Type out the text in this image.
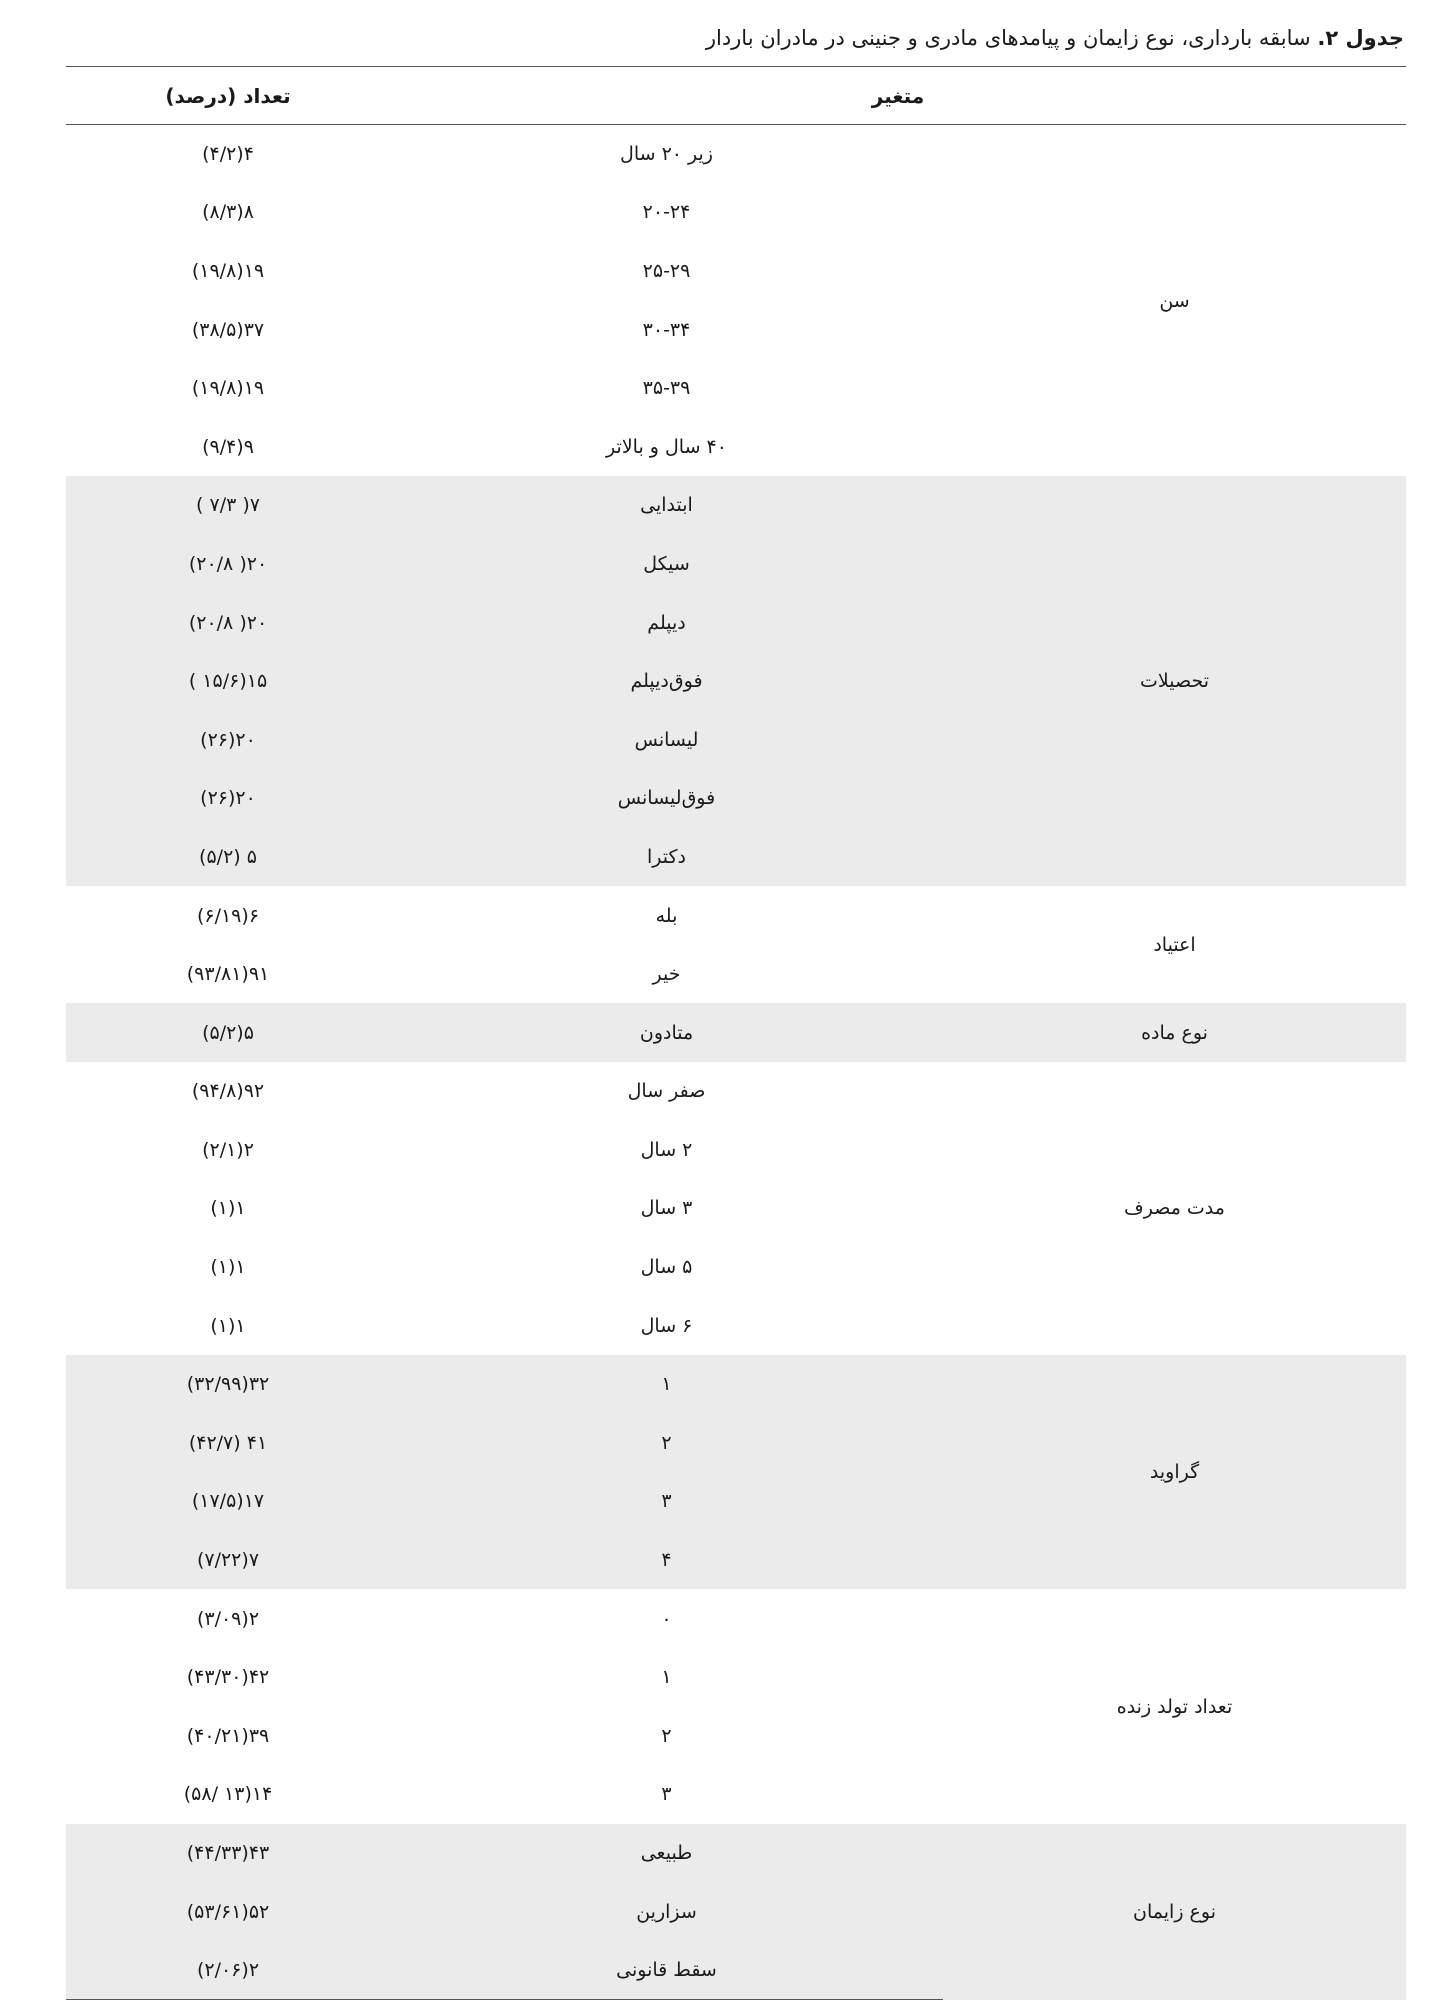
جدول ۲. سابقه بارداری، نوع زایمان و پیامدهای مادری و جنینی در مادران باردار
متغیر		تعداد (درصد)
سن	زیر ۲۰ سال	۴(۴/۲)
	۲۰-۲۴	۸(۸/۳)
	۲۵-۲۹	۱۹(۱۹/۸)
	۳۰-۳۴	۳۷(۳۸/۵)
	۳۵-۳۹	۱۹(۱۹/۸)
	۴۰ سال و بالاتر	۹(۹/۴)
تحصیلات	ابتدایی	۷( ۷/۳ )
	سیکل	۲۰( ۲۰/۸)
	دیپلم	۲۰( ۲۰/۸)
	فوق‌دیپلم	۱۵(۱۵/۶ )
	لیسانس	۲۰(۲۶)
	فوق‌لیسانس	۲۰(۲۶)
	دکترا	۵ (۵/۲)
اعتیاد	بله	۶(۶/۱۹)
	خیر	۹۱(۹۳/۸۱)
نوع ماده	متادون	۵(۵/۲)
مدت مصرف	صفر سال	۹۲(۹۴/۸)
	۲ سال	۲(۲/۱)
	۳ سال	۱(۱)
	۵ سال	۱(۱)
	۶ سال	۱(۱)
گراوید	۱	۳۲(۳۲/۹۹)
	۲	۴۱ (۴۲/۷)
	۳	۱۷(۱۷/۵)
	۴	۷(۷/۲۲)
تعداد تولد زنده	۰	۲(۳/۰۹)
	۱	۴۲(۴۳/۳۰)
	۲	۳۹(۴۰/۲۱)
	۳	۱۴(۱۳ /۵۸)
نوع زایمان	طبیعی	۴۳(۴۴/۳۳)
	سزارین	۵۲(۵۳/۶۱)
	سقط قانونی	۲(۲/۰۶)
